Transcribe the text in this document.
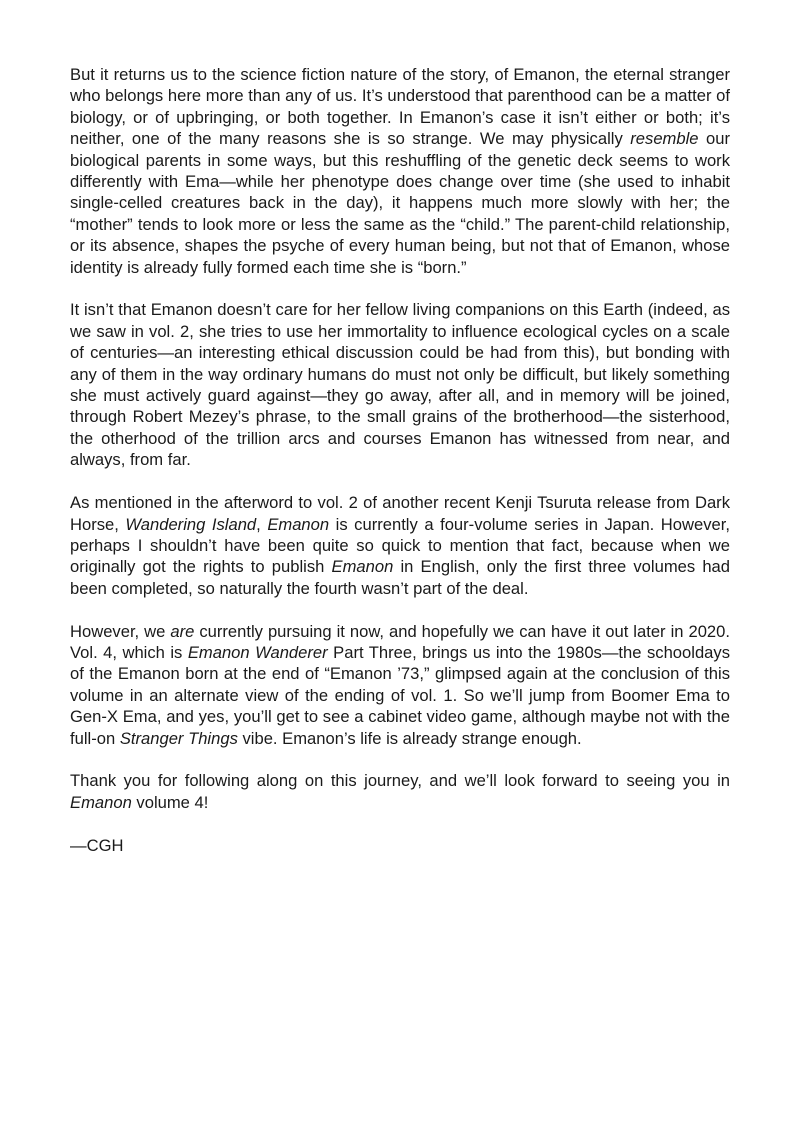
But it returns us to the science fiction nature of the story, of Emanon, the eternal stranger who belongs here more than any of us. It’s understood that parenthood can be a matter of biology, or of upbringing, or both together. In Emanon’s case it isn’t either or both; it’s neither, one of the many reasons she is so strange. We may physically resemble our biological parents in some ways, but this reshuffling of the genetic deck seems to work differently with Ema—while her phenotype does change over time (she used to inhabit single-celled creatures back in the day), it happens much more slowly with her; the “mother” tends to look more or less the same as the “child.” The parent-child relationship, or its absence, shapes the psyche of every human being, but not that of Emanon, whose identity is already fully formed each time she is “born.”

It isn’t that Emanon doesn’t care for her fellow living companions on this Earth (indeed, as we saw in vol. 2, she tries to use her immortality to influence ecological cycles on a scale of centuries—an interesting ethical discussion could be had from this), but bonding with any of them in the way ordinary humans do must not only be difficult, but likely something she must actively guard against—they go away, after all, and in memory will be joined, through Robert Mezey’s phrase, to the small grains of the brotherhood—the sisterhood, the otherhood of the trillion arcs and courses Emanon has witnessed from near, and always, from far.

As mentioned in the afterword to vol. 2 of another recent Kenji Tsuruta release from Dark Horse, Wandering Island, Emanon is currently a four-volume series in Japan. However, perhaps I shouldn’t have been quite so quick to mention that fact, because when we originally got the rights to publish Emanon in English, only the first three volumes had been completed, so naturally the fourth wasn’t part of the deal.

However, we are currently pursuing it now, and hopefully we can have it out later in 2020. Vol. 4, which is Emanon Wanderer Part Three, brings us into the 1980s—the schooldays of the Emanon born at the end of “Emanon ’73,” glimpsed again at the conclusion of this volume in an alternate view of the ending of vol. 1. So we’ll jump from Boomer Ema to Gen-X Ema, and yes, you’ll get to see a cabinet video game, although maybe not with the full-on Stranger Things vibe. Emanon’s life is already strange enough.

Thank you for following along on this journey, and we’ll look forward to seeing you in Emanon volume 4!

—CGH
